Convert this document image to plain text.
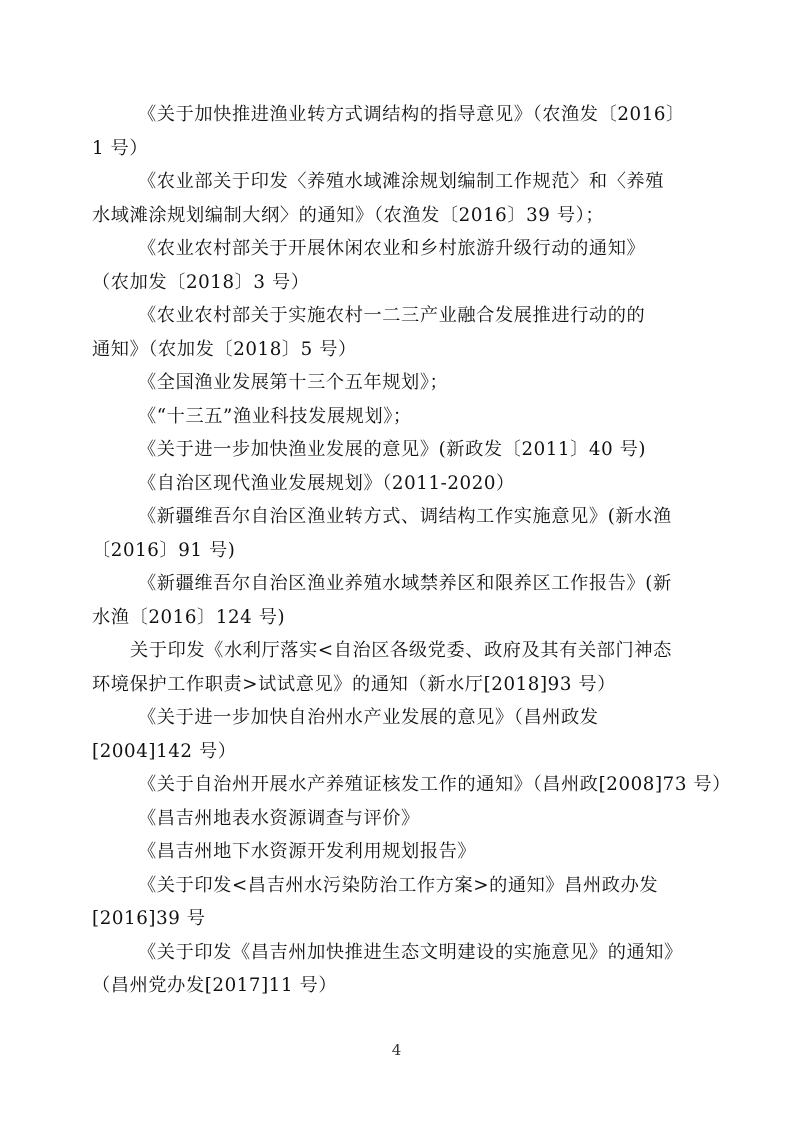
《关于加快推进渔业转方式调结构的指导意见》（农渔发〔2016〕

1 号）

《农业部关于印发〈养殖水域滩涂规划编制工作规范〉和〈养殖

水域滩涂规划编制大纲〉的通知》（农渔发〔2016〕39 号）；

《农业农村部关于开展休闲农业和乡村旅游升级行动的通知》

（农加发〔2018〕3 号）

《农业农村部关于实施农村一二三产业融合发展推进行动的的

通知》（农加发〔2018〕5 号）

《全国渔业发展第十三个五年规划》；

《“十三五”渔业科技发展规划》；

《关于进一步加快渔业发展的意见》(新政发〔2011〕40 号)

《自治区现代渔业发展规划》（2011-2020）

《新疆维吾尔自治区渔业转方式、调结构工作实施意见》(新水渔

〔2016〕91 号)

《新疆维吾尔自治区渔业养殖水域禁养区和限养区工作报告》(新

水渔〔2016〕124 号)

关于印发《水利厅落实<自治区各级党委、政府及其有关部门神态

环境保护工作职责>试试意见》的通知（新水厅[2018]93 号）

《关于进一步加快自治州水产业发展的意见》（昌州政发

[2004]142 号）

《关于自治州开展水产养殖证核发工作的通知》（昌州政[2008]73 号）

《昌吉州地表水资源调查与评价》

《昌吉州地下水资源开发利用规划报告》

《关于印发<昌吉州水污染防治工作方案>的通知》昌州政办发

[2016]39 号

《关于印发《昌吉州加快推进生态文明建设的实施意见》的通知》

（昌州党办发[2017]11 号）

4
